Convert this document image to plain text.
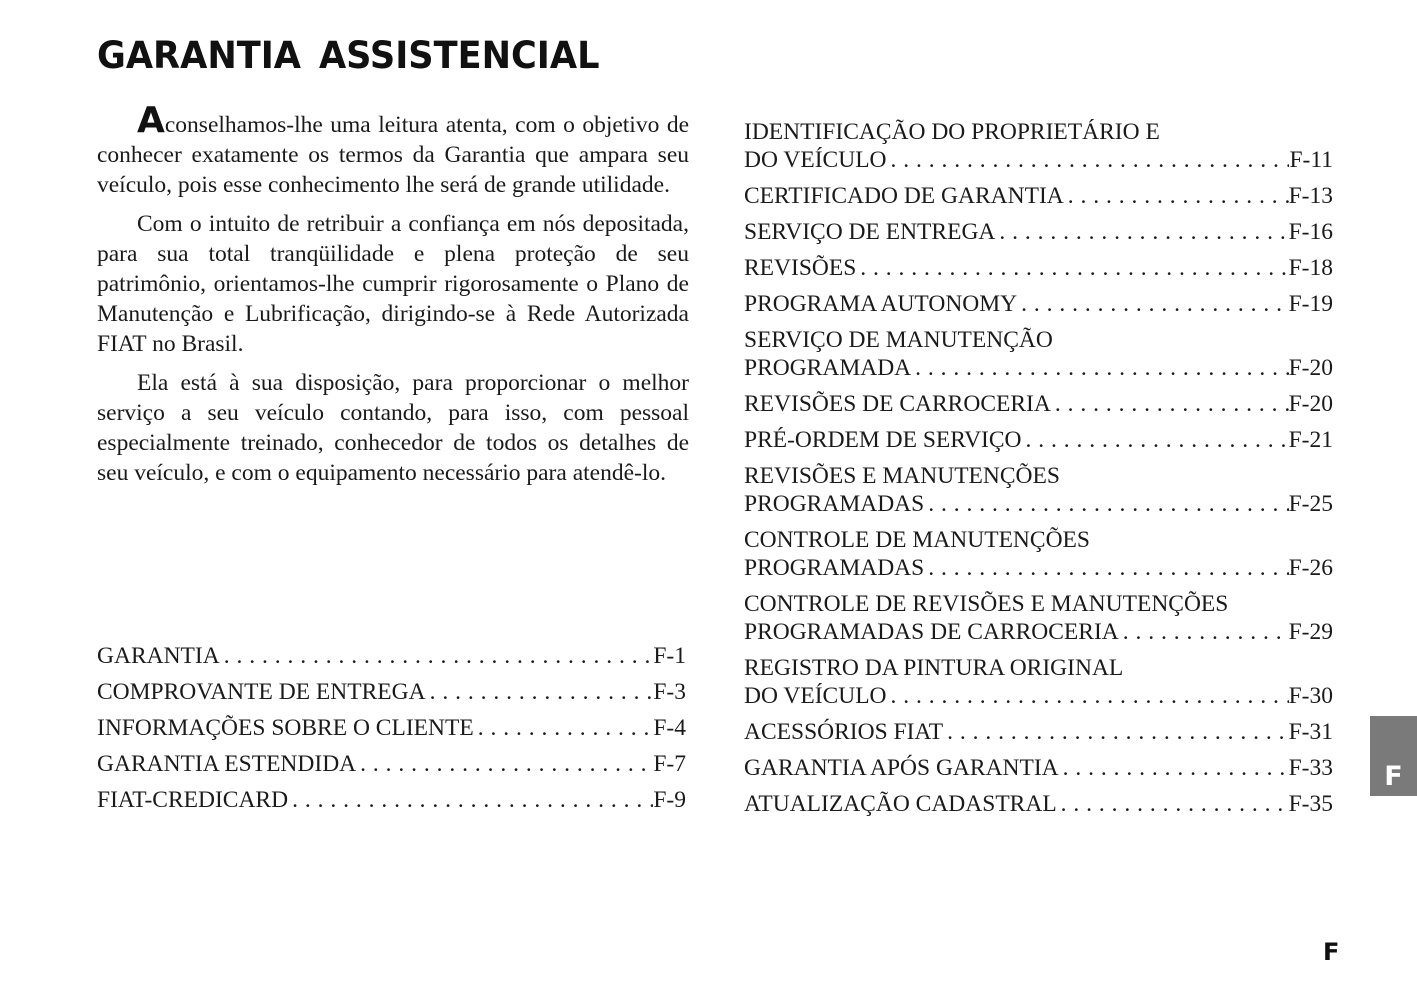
GARANTIA ASSISTENCIAL

Aconselhamos-lhe uma leitura atenta, com o objetivo de conhecer exatamente os termos da Garantia que ampara seu veículo, pois esse conhecimento lhe será de grande utilidade.

Com o intuito de retribuir a confiança em nós depositada, para sua total tranqüilidade e plena proteção de seu patrimônio, orientamos-lhe cumprir rigorosamente o Plano de Manutenção e Lubrificação, dirigindo-se à Rede Autorizada FIAT no Brasil.

Ela está à sua disposição, para proporcionar o melhor serviço a seu veículo contando, para isso, com pessoal especialmente treinado, conhecedor de todos os detalhes de seu veículo, e com o equipamento necessário para atendê-lo.

GARANTIA . . .	F-1
COMPROVANTE DE ENTREGA . . .	F-3
INFORMAÇÕES SOBRE O CLIENTE . . .	F-4
GARANTIA ESTENDIDA . . .	F-7
FIAT-CREDICARD . . .	F-9
IDENTIFICAÇÃO DO PROPRIETÁRIO E
DO VEÍCULO . . .	F-11
CERTIFICADO DE GARANTIA . . .	F-13
SERVIÇO DE ENTREGA . . .	F-16
REVISÕES . . .	F-18
PROGRAMA AUTONOMY . . .	F-19
SERVIÇO DE MANUTENÇÃO
PROGRAMADA . . .	F-20
REVISÕES DE CARROCERIA . . .	F-20
PRÉ-ORDEM DE SERVIÇO . . .	F-21
REVISÕES E MANUTENÇÕES
PROGRAMADAS . . .	F-25
CONTROLE DE MANUTENÇÕES
PROGRAMADAS . . .	F-26
CONTROLE DE REVISÕES E MANUTENÇÕES
PROGRAMADAS DE CARROCERIA . . .	F-29
REGISTRO DA PINTURA ORIGINAL
DO VEÍCULO . . .	F-30
ACESSÓRIOS FIAT . . .	F-31
GARANTIA APÓS GARANTIA . . .	F-33
ATUALIZAÇÃO CADASTRAL . . .	F-35
F
F
